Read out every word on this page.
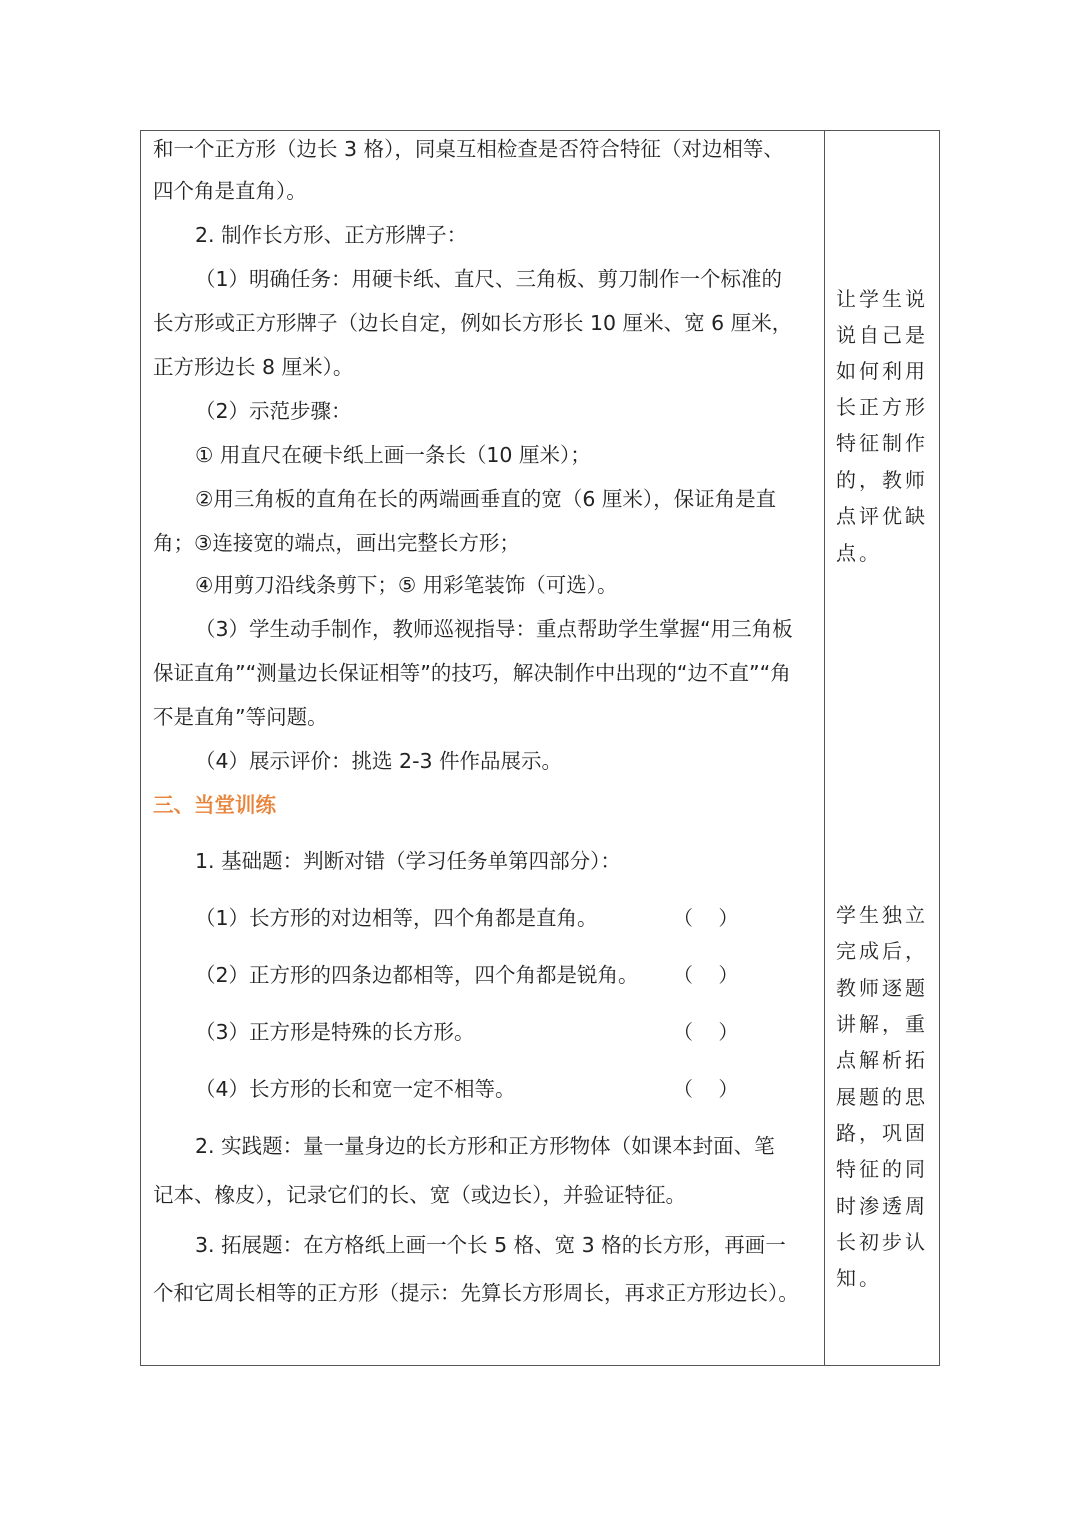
和一个正方形（边长 3 格），同桌互相检查是否符合特征（对边相等、
四个角是直角）。
2. 制作长方形、正方形牌子：
（1）明确任务：用硬卡纸、直尺、三角板、剪刀制作一个标准的
长方形或正方形牌子（边长自定，例如长方形长 10 厘米、宽 6 厘米，
正方形边长 8 厘米）。
（2）示范步骤：
① 用直尺在硬卡纸上画一条长（10 厘米）；
②用三角板的直角在长的两端画垂直的宽（6 厘米），保证角是直
角；③连接宽的端点，画出完整长方形；
④用剪刀沿线条剪下；⑤ 用彩笔装饰（可选）。
（3）学生动手制作，教师巡视指导：重点帮助学生掌握“用三角板
保证直角”“测量边长保证相等”的技巧，解决制作中出现的“边不直”“角
不是直角”等问题。
（4）展示评价：挑选 2-3 件作品展示。
三、当堂训练
1. 基础题：判断对错（学习任务单第四部分）：
（1）长方形的对边相等，四个角都是直角。	（    ）
（2）正方形的四条边都相等，四个角都是锐角。 （    ）
（3）正方形是特殊的长方形。	（    ）
（4）长方形的长和宽一定不相等。	（    ）
2. 实践题：量一量身边的长方形和正方形物体（如课本封面、笔
记本、橡皮），记录它们的长、宽（或边长），并验证特征。
3. 拓展题：在方格纸上画一个长 5 格、宽 3 格的长方形，再画一
个和它周长相等的正方形（提示：先算长方形周长，再求正方形边长）。
让学生说
说自己是
如何利用
长正方形
特征制作
的，教师
点评优缺
点。
学生独立
完成后，
教师逐题
讲解，重
点解析拓
展题的思
路，巩固
特征的同
时渗透周
长初步认
知。
